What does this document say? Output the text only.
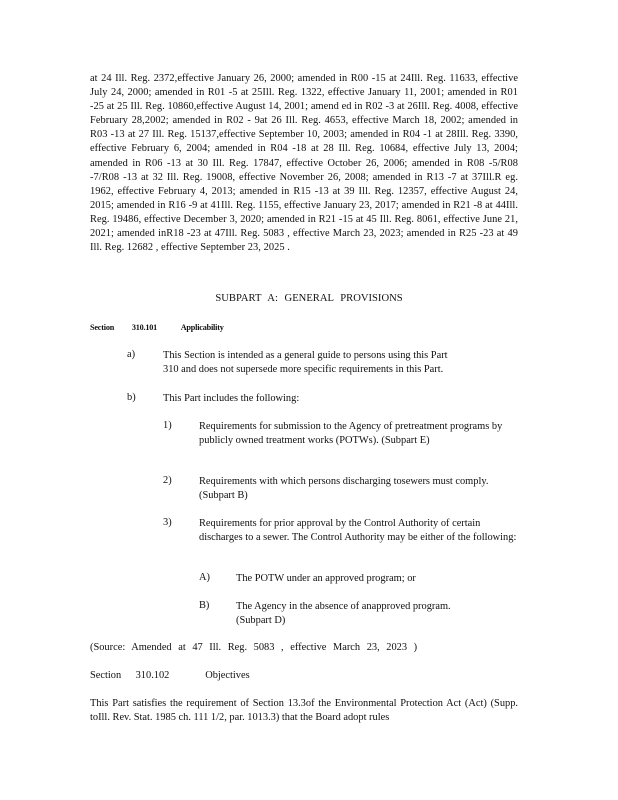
at 24 Ill. Reg. 2372,effective January 26, 2000; amended in R00 -15 at 24Ill. Reg. 11633, effective July 24, 2000; amended in R01 -5 at 25Ill. Reg. 1322, effective January 11, 2001; amended in R01 -25 at 25 Ill. Reg. 10860,effective August 14, 2001; amend ed in R02 -3 at 26Ill. Reg. 4008, effective February 28,2002; amended in R02 - 9at 26 Ill. Reg. 4653, effective March 18, 2002; amended in R03 -13 at 27 Ill. Reg. 15137,effective September 10, 2003; amended in R04 -1 at 28Ill. Reg. 3390, effective February 6, 2004; amended in R04 -18 at 28 Ill. Reg. 10684, effective July 13, 2004; amended in R06 -13 at 30 Ill. Reg. 17847, effective October 26, 2006; amended in R08 -5/R08 -7/R08 -13 at 32 Ill. Reg. 19008, effective November 26, 2008; amended in R13 -7 at 37Ill.R eg. 1962, effective February 4, 2013; amended in R15 -13 at 39 Ill. Reg. 12357, effective August 24, 2015; amended in R16 -9 at 41Ill. Reg. 1155, effective January 23, 2017; amended in R21 -8 at 44Ill. Reg. 19486, effective December 3, 2020; amended in R21 -15 at 45 Ill. Reg. 8061, effective June 21, 2021; amended inR18 -23 at 47Ill. Reg. 5083 , effective March 23, 2023; amended in R25 -23 at 49 Ill. Reg. 12682 , effective September 23, 2025 .
SUBPART A: GENERAL PROVISIONS
Section 310.101	Applicability
a)	This Section is intended as a general guide to persons using this Part 310 and does not supersede more specific requirements in this Part.
b)	This Part includes the following:
1)	Requirements for submission to the Agency of pretreatment programs by publicly owned treatment works (POTWs). (Subpart E)
2)	Requirements with which persons discharging tosewers must comply. (Subpart B)
3)	Requirements for prior approval by the Control Authority of certain discharges to a sewer. The Control Authority may be either of the following:
A)	The POTW under an approved program; or
B)	The Agency in the absence of anapproved program. (Subpart D)
(Source: Amended at 47 Ill. Reg. 5083 , effective March 23, 2023 )
Section 310.102	Objectives
This Part satisfies the requirement of Section 13.3of the Environmental Protection Act (Act) (Supp. toIll. Rev. Stat. 1985 ch. 111 1/2, par. 1013.3) that the Board adopt rules
